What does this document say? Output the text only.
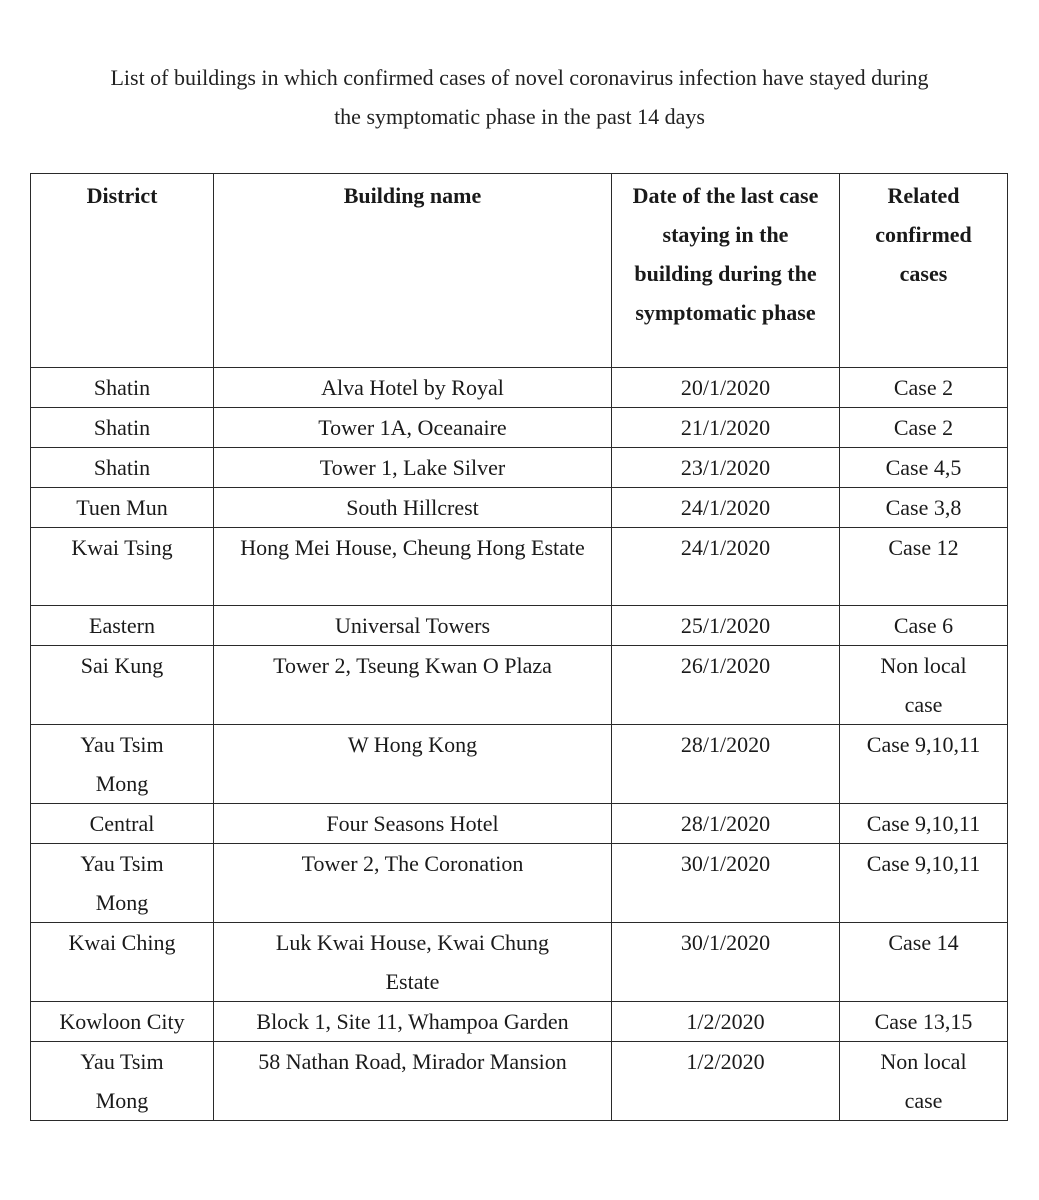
List of buildings in which confirmed cases of novel coronavirus infection have stayed during
the symptomatic phase in the past 14 days
District	Building name	Date of the last case staying in the building during the symptomatic phase	Related confirmed cases
Shatin	Alva Hotel by Royal	20/1/2020	Case 2
Shatin	Tower 1A, Oceanaire	21/1/2020	Case 2
Shatin	Tower 1, Lake Silver	23/1/2020	Case 4,5
Tuen Mun	South Hillcrest	24/1/2020	Case 3,8
Kwai Tsing	Hong Mei House, Cheung Hong Estate	24/1/2020	Case 12
Eastern	Universal Towers	25/1/2020	Case 6
Sai Kung	Tower 2, Tseung Kwan O Plaza	26/1/2020	Non local case
Yau Tsim Mong	W Hong Kong	28/1/2020	Case 9,10,11
Central	Four Seasons Hotel	28/1/2020	Case 9,10,11
Yau Tsim Mong	Tower 2, The Coronation	30/1/2020	Case 9,10,11
Kwai Ching	Luk Kwai House, Kwai Chung Estate	30/1/2020	Case 14
Kowloon City	Block 1, Site 11, Whampoa Garden	1/2/2020	Case 13,15
Yau Tsim Mong	58 Nathan Road, Mirador Mansion	1/2/2020	Non local case
